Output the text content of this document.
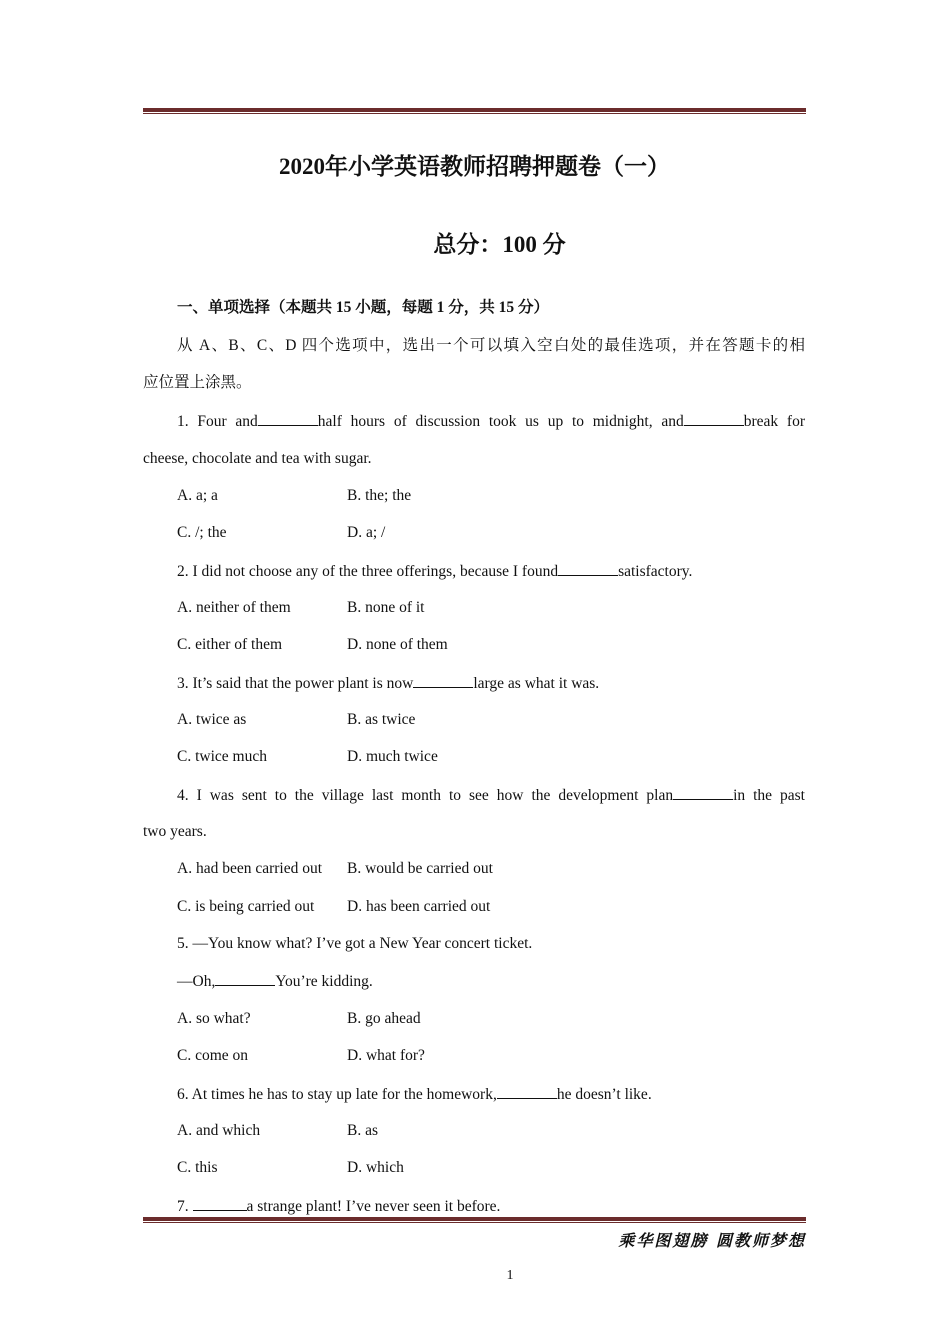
2020年小学英语教师招聘押题卷（一）
总分：100 分
一、单项选择（本题共 15 小题，每题 1 分，共 15 分）
从 A、B、C、D 四个选项中，选出一个可以填入空白处的最佳选项，并在答题卡的相
应位置上涂黑。
1. Four and	half hours of discussion took us up to midnight, and	break for
cheese, chocolate and tea with sugar.
A. a; a	B. the; the
C. /; the	D. a; /
2. I did not choose any of the three offerings, because I found	satisfactory.
A. neither of them	B. none of it
C. either of them	D. none of them
3. It’s said that the power plant is now	large as what it was.
A. twice as	B. as twice
C. twice much	D. much twice
4. I was sent to the village last month to see how the development plan	in the past
two years.
A. had been carried out B. would be carried out
C. is being carried out D. has been carried out
5. —You know what? I’ve got a New Year concert ticket.
—Oh,	You’re kidding.
A. so what?	B. go ahead
C. come on	D. what for?
6. At times he has to stay up late for the homework,	he doesn’t like.
A. and which	B. as
C. this	D. which
7.	a strange plant! I’ve never seen it before.
乘华图翅膀 圆教师梦想
1
